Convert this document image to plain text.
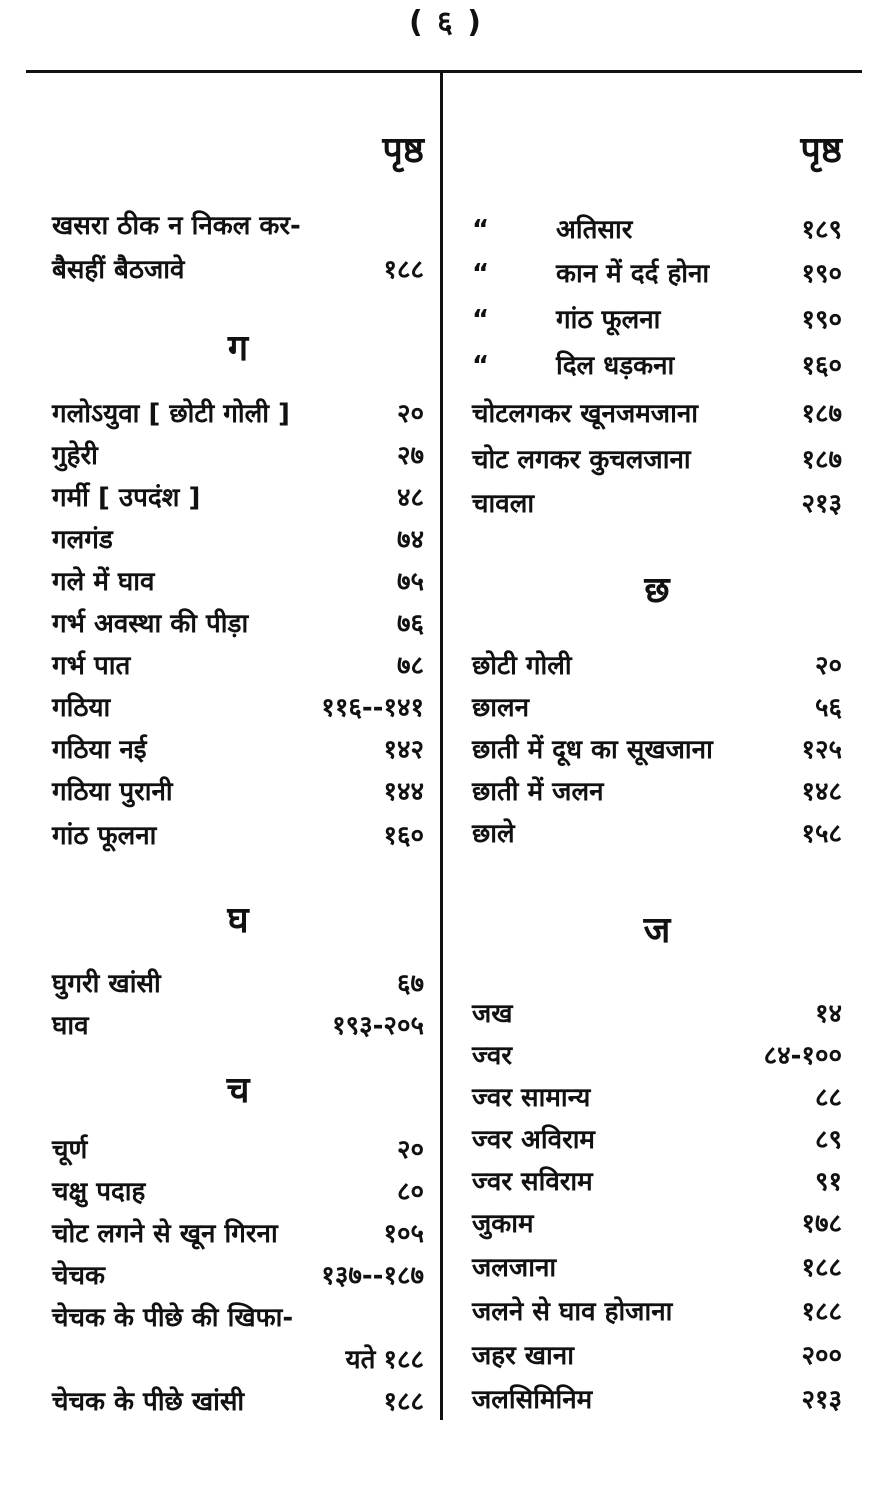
( ६ )
पृष्ठ
खसरा ठीक न निकल कर-
बैसहीं बैठजावे	१८८
ग
गलोऽयुवा [ छोटी गोली ]	२०
गुहेरी	२७
गर्मी [ उपदंश ]	४८
गलगंड	७४
गले में घाव	७५
गर्भ अवस्था की पीड़ा	७६
गर्भ पात	७८
गठिया	११६--१४१
गठिया नई	१४२
गठिया पुरानी	१४४
गांठ फूलना	१६०
घ
घुगरी खांसी	६७
घाव	१९३-२०५
च
चूर्ण	२०
चक्षु पदाह	८०
चोट लगने से खून गिरना	१०५
चेचक	१३७--१८७
चेचक के पीछे की खिफा-
यते १८८
चेचक के पीछे खांसी	१८८
पृष्ठ
“	अतिसार	१८९
“	कान में दर्द होना	१९०
“	गांठ फूलना	१९०
“	दिल धड़कना	१६०
चोटलगकर खूनजमजाना	१८७
चोट लगकर कुचलजाना	१८७
चावला	२१३
छ
छोटी गोली	२०
छालन	५६
छाती में दूध का सूखजाना	१२५
छाती में जलन	१४८
छाले	१५८
ज
जख	१४
ज्वर	८४-१००
ज्वर सामान्य	८८
ज्वर अविराम	८९
ज्वर सविराम	९१
जुकाम	१७८
जलजाना	१८८
जलने से घाव होजाना	१८८
जहर खाना	२००
जलसिमिनिम	२१३
